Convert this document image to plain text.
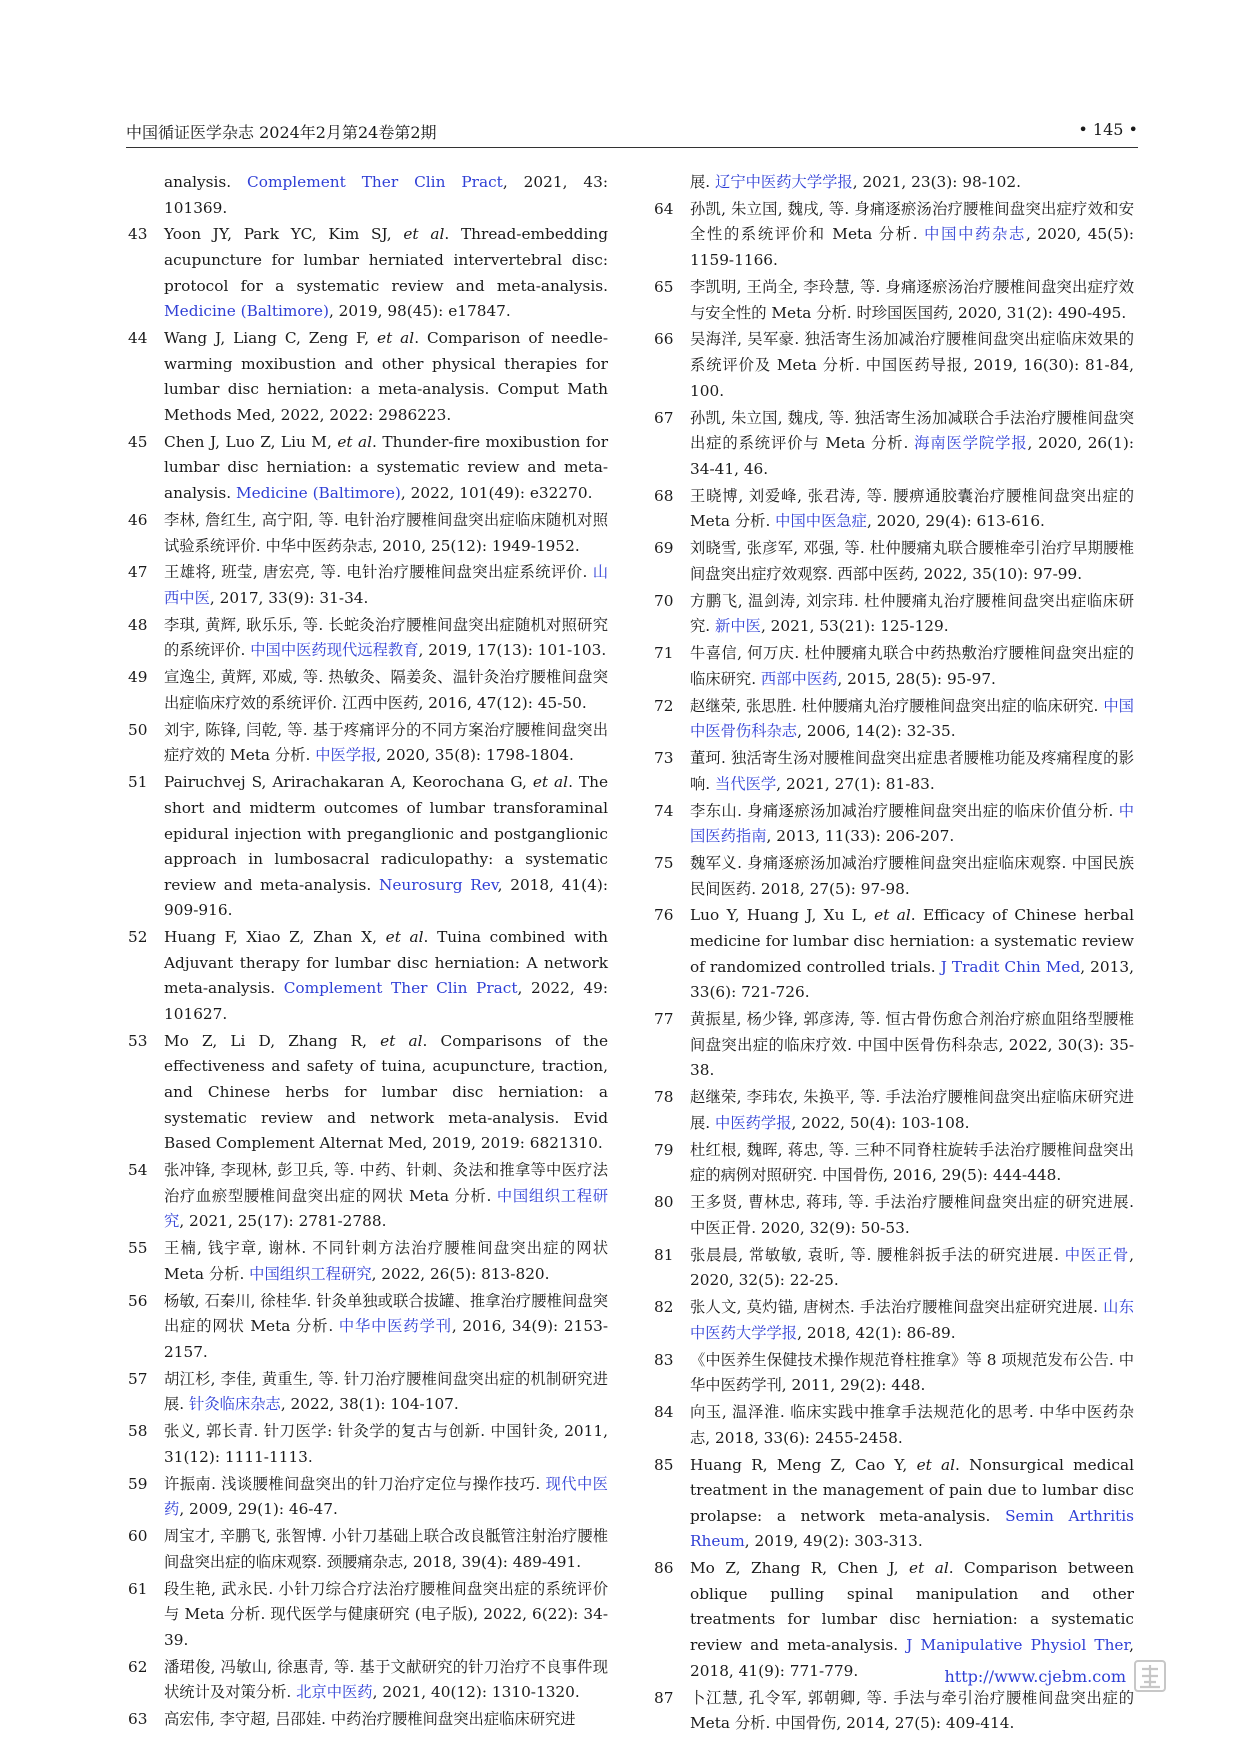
中国循证医学杂志 2024年2月第24卷第2期	• 145 •
analysis. Complement Ther Clin Pract, 2021, 43: 101369.
43	Yoon JY, Park YC, Kim SJ, et al. Thread-embedding acupuncture for lumbar herniated intervertebral disc: protocol for a systematic review and meta-analysis. Medicine (Baltimore), 2019, 98(45): e17847.
44	Wang J, Liang C, Zeng F, et al. Comparison of needle-warming moxibustion and other physical therapies for lumbar disc herniation: a meta-analysis. Comput Math Methods Med, 2022, 2022: 2986223.
45	Chen J, Luo Z, Liu M, et al. Thunder-fire moxibustion for lumbar disc herniation: a systematic review and meta-analysis. Medicine (Baltimore), 2022, 101(49): e32270.
46	李林, 詹红生, 高宁阳, 等. 电针治疗腰椎间盘突出症临床随机对照试验系统评价. 中华中医药杂志, 2010, 25(12): 1949-1952.
47	王雄将, 班莹, 唐宏亮, 等. 电针治疗腰椎间盘突出症系统评价. 山西中医, 2017, 33(9): 31-34.
48	李琪, 黄辉, 耿乐乐, 等. 长蛇灸治疗腰椎间盘突出症随机对照研究的系统评价. 中国中医药现代远程教育, 2019, 17(13): 101-103.
49	宣逸尘, 黄辉, 邓威, 等. 热敏灸、隔姜灸、温针灸治疗腰椎间盘突出症临床疗效的系统评价. 江西中医药, 2016, 47(12): 45-50.
50	刘宇, 陈锋, 闫乾, 等. 基于疼痛评分的不同方案治疗腰椎间盘突出症疗效的 Meta 分析. 中医学报, 2020, 35(8): 1798-1804.
51	Pairuchvej S, Arirachakaran A, Keorochana G, et al. The short and midterm outcomes of lumbar transforaminal epidural injection with preganglionic and postganglionic approach in lumbosacral radiculopathy: a systematic review and meta-analysis. Neurosurg Rev, 2018, 41(4): 909-916.
52	Huang F, Xiao Z, Zhan X, et al. Tuina combined with Adjuvant therapy for lumbar disc herniation: A network meta-analysis. Complement Ther Clin Pract, 2022, 49: 101627.
53	Mo Z, Li D, Zhang R, et al. Comparisons of the effectiveness and safety of tuina, acupuncture, traction, and Chinese herbs for lumbar disc herniation: a systematic review and network meta-analysis. Evid Based Complement Alternat Med, 2019, 2019: 6821310.
54	张冲锋, 李现林, 彭卫兵, 等. 中药、针刺、灸法和推拿等中医疗法治疗血瘀型腰椎间盘突出症的网状 Meta 分析. 中国组织工程研究, 2021, 25(17): 2781-2788.
55	王楠, 钱宇章, 谢林. 不同针刺方法治疗腰椎间盘突出症的网状 Meta 分析. 中国组织工程研究, 2022, 26(5): 813-820.
56	杨敏, 石秦川, 徐桂华. 针灸单独或联合拔罐、推拿治疗腰椎间盘突出症的网状 Meta 分析. 中华中医药学刊, 2016, 34(9): 2153-2157.
57	胡江杉, 李佳, 黄重生, 等. 针刀治疗腰椎间盘突出症的机制研究进展. 针灸临床杂志, 2022, 38(1): 104-107.
58	张义, 郭长青. 针刀医学: 针灸学的复古与创新. 中国针灸, 2011, 31(12): 1111-1113.
59	许振南. 浅谈腰椎间盘突出的针刀治疗定位与操作技巧. 现代中医药, 2009, 29(1): 46-47.
60	周宝才, 辛鹏飞, 张智博. 小针刀基础上联合改良骶管注射治疗腰椎间盘突出症的临床观察. 颈腰痛杂志, 2018, 39(4): 489-491.
61	段生艳, 武永民. 小针刀综合疗法治疗腰椎间盘突出症的系统评价与 Meta 分析. 现代医学与健康研究 (电子版), 2022, 6(22): 34-39.
62	潘珺俊, 冯敏山, 徐惠青, 等. 基于文献研究的针刀治疗不良事件现状统计及对策分析. 北京中医药, 2021, 40(12): 1310-1320.
63	高宏伟, 李守超, 吕邵娃. 中药治疗腰椎间盘突出症临床研究进
展. 辽宁中医药大学学报, 2021, 23(3): 98-102.
64	孙凯, 朱立国, 魏戌, 等. 身痛逐瘀汤治疗腰椎间盘突出症疗效和安全性的系统评价和 Meta 分析. 中国中药杂志, 2020, 45(5): 1159-1166.
65	李凯明, 王尚全, 李玲慧, 等. 身痛逐瘀汤治疗腰椎间盘突出症疗效与安全性的 Meta 分析. 时珍国医国药, 2020, 31(2): 490-495.
66	吴海洋, 吴军豪. 独活寄生汤加减治疗腰椎间盘突出症临床效果的系统评价及 Meta 分析. 中国医药导报, 2019, 16(30): 81-84, 100.
67	孙凯, 朱立国, 魏戌, 等. 独活寄生汤加减联合手法治疗腰椎间盘突出症的系统评价与 Meta 分析. 海南医学院学报, 2020, 26(1): 34-41, 46.
68	王晓博, 刘爱峰, 张君涛, 等. 腰痹通胶囊治疗腰椎间盘突出症的 Meta 分析. 中国中医急症, 2020, 29(4): 613-616.
69	刘晓雪, 张彦军, 邓强, 等. 杜仲腰痛丸联合腰椎牵引治疗早期腰椎间盘突出症疗效观察. 西部中医药, 2022, 35(10): 97-99.
70	方鹏飞, 温剑涛, 刘宗玮. 杜仲腰痛丸治疗腰椎间盘突出症临床研究. 新中医, 2021, 53(21): 125-129.
71	牛喜信, 何万庆. 杜仲腰痛丸联合中药热敷治疗腰椎间盘突出症的临床研究. 西部中医药, 2015, 28(5): 95-97.
72	赵继荣, 张思胜. 杜仲腰痛丸治疗腰椎间盘突出症的临床研究. 中国中医骨伤科杂志, 2006, 14(2): 32-35.
73	董珂. 独活寄生汤对腰椎间盘突出症患者腰椎功能及疼痛程度的影响. 当代医学, 2021, 27(1): 81-83.
74	李东山. 身痛逐瘀汤加减治疗腰椎间盘突出症的临床价值分析. 中国医药指南, 2013, 11(33): 206-207.
75	魏军义. 身痛逐瘀汤加减治疗腰椎间盘突出症临床观察. 中国民族民间医药. 2018, 27(5): 97-98.
76	Luo Y, Huang J, Xu L, et al. Efficacy of Chinese herbal medicine for lumbar disc herniation: a systematic review of randomized controlled trials. J Tradit Chin Med, 2013, 33(6): 721-726.
77	黄振星, 杨少锋, 郭彦涛, 等. 恒古骨伤愈合剂治疗瘀血阻络型腰椎间盘突出症的临床疗效. 中国中医骨伤科杂志, 2022, 30(3): 35-38.
78	赵继荣, 李玮农, 朱换平, 等. 手法治疗腰椎间盘突出症临床研究进展. 中医药学报, 2022, 50(4): 103-108.
79	杜红根, 魏晖, 蒋忠, 等. 三种不同脊柱旋转手法治疗腰椎间盘突出症的病例对照研究. 中国骨伤, 2016, 29(5): 444-448.
80	王多贤, 曹林忠, 蒋玮, 等. 手法治疗腰椎间盘突出症的研究进展. 中医正骨. 2020, 32(9): 50-53.
81	张晨晨, 常敏敏, 袁昕, 等. 腰椎斜扳手法的研究进展. 中医正骨, 2020, 32(5): 22-25.
82	张人文, 莫灼锚, 唐树杰. 手法治疗腰椎间盘突出症研究进展. 山东中医药大学学报, 2018, 42(1): 86-89.
83	《中医养生保健技术操作规范脊柱推拿》等 8 项规范发布公告. 中华中医药学刊, 2011, 29(2): 448.
84	向玉, 温泽淮. 临床实践中推拿手法规范化的思考. 中华中医药杂志, 2018, 33(6): 2455-2458.
85	Huang R, Meng Z, Cao Y, et al. Nonsurgical medical treatment in the management of pain due to lumbar disc prolapse: a network meta-analysis. Semin Arthritis Rheum, 2019, 49(2): 303-313.
86	Mo Z, Zhang R, Chen J, et al. Comparison between oblique pulling spinal manipulation and other treatments for lumbar disc herniation: a systematic review and meta-analysis. J Manipulative Physiol Ther, 2018, 41(9): 771-779.
87	卜江慧, 孔令军, 郭朝卿, 等. 手法与牵引治疗腰椎间盘突出症的 Meta 分析. 中国骨伤, 2014, 27(5): 409-414.
http://www.cjebm.com
